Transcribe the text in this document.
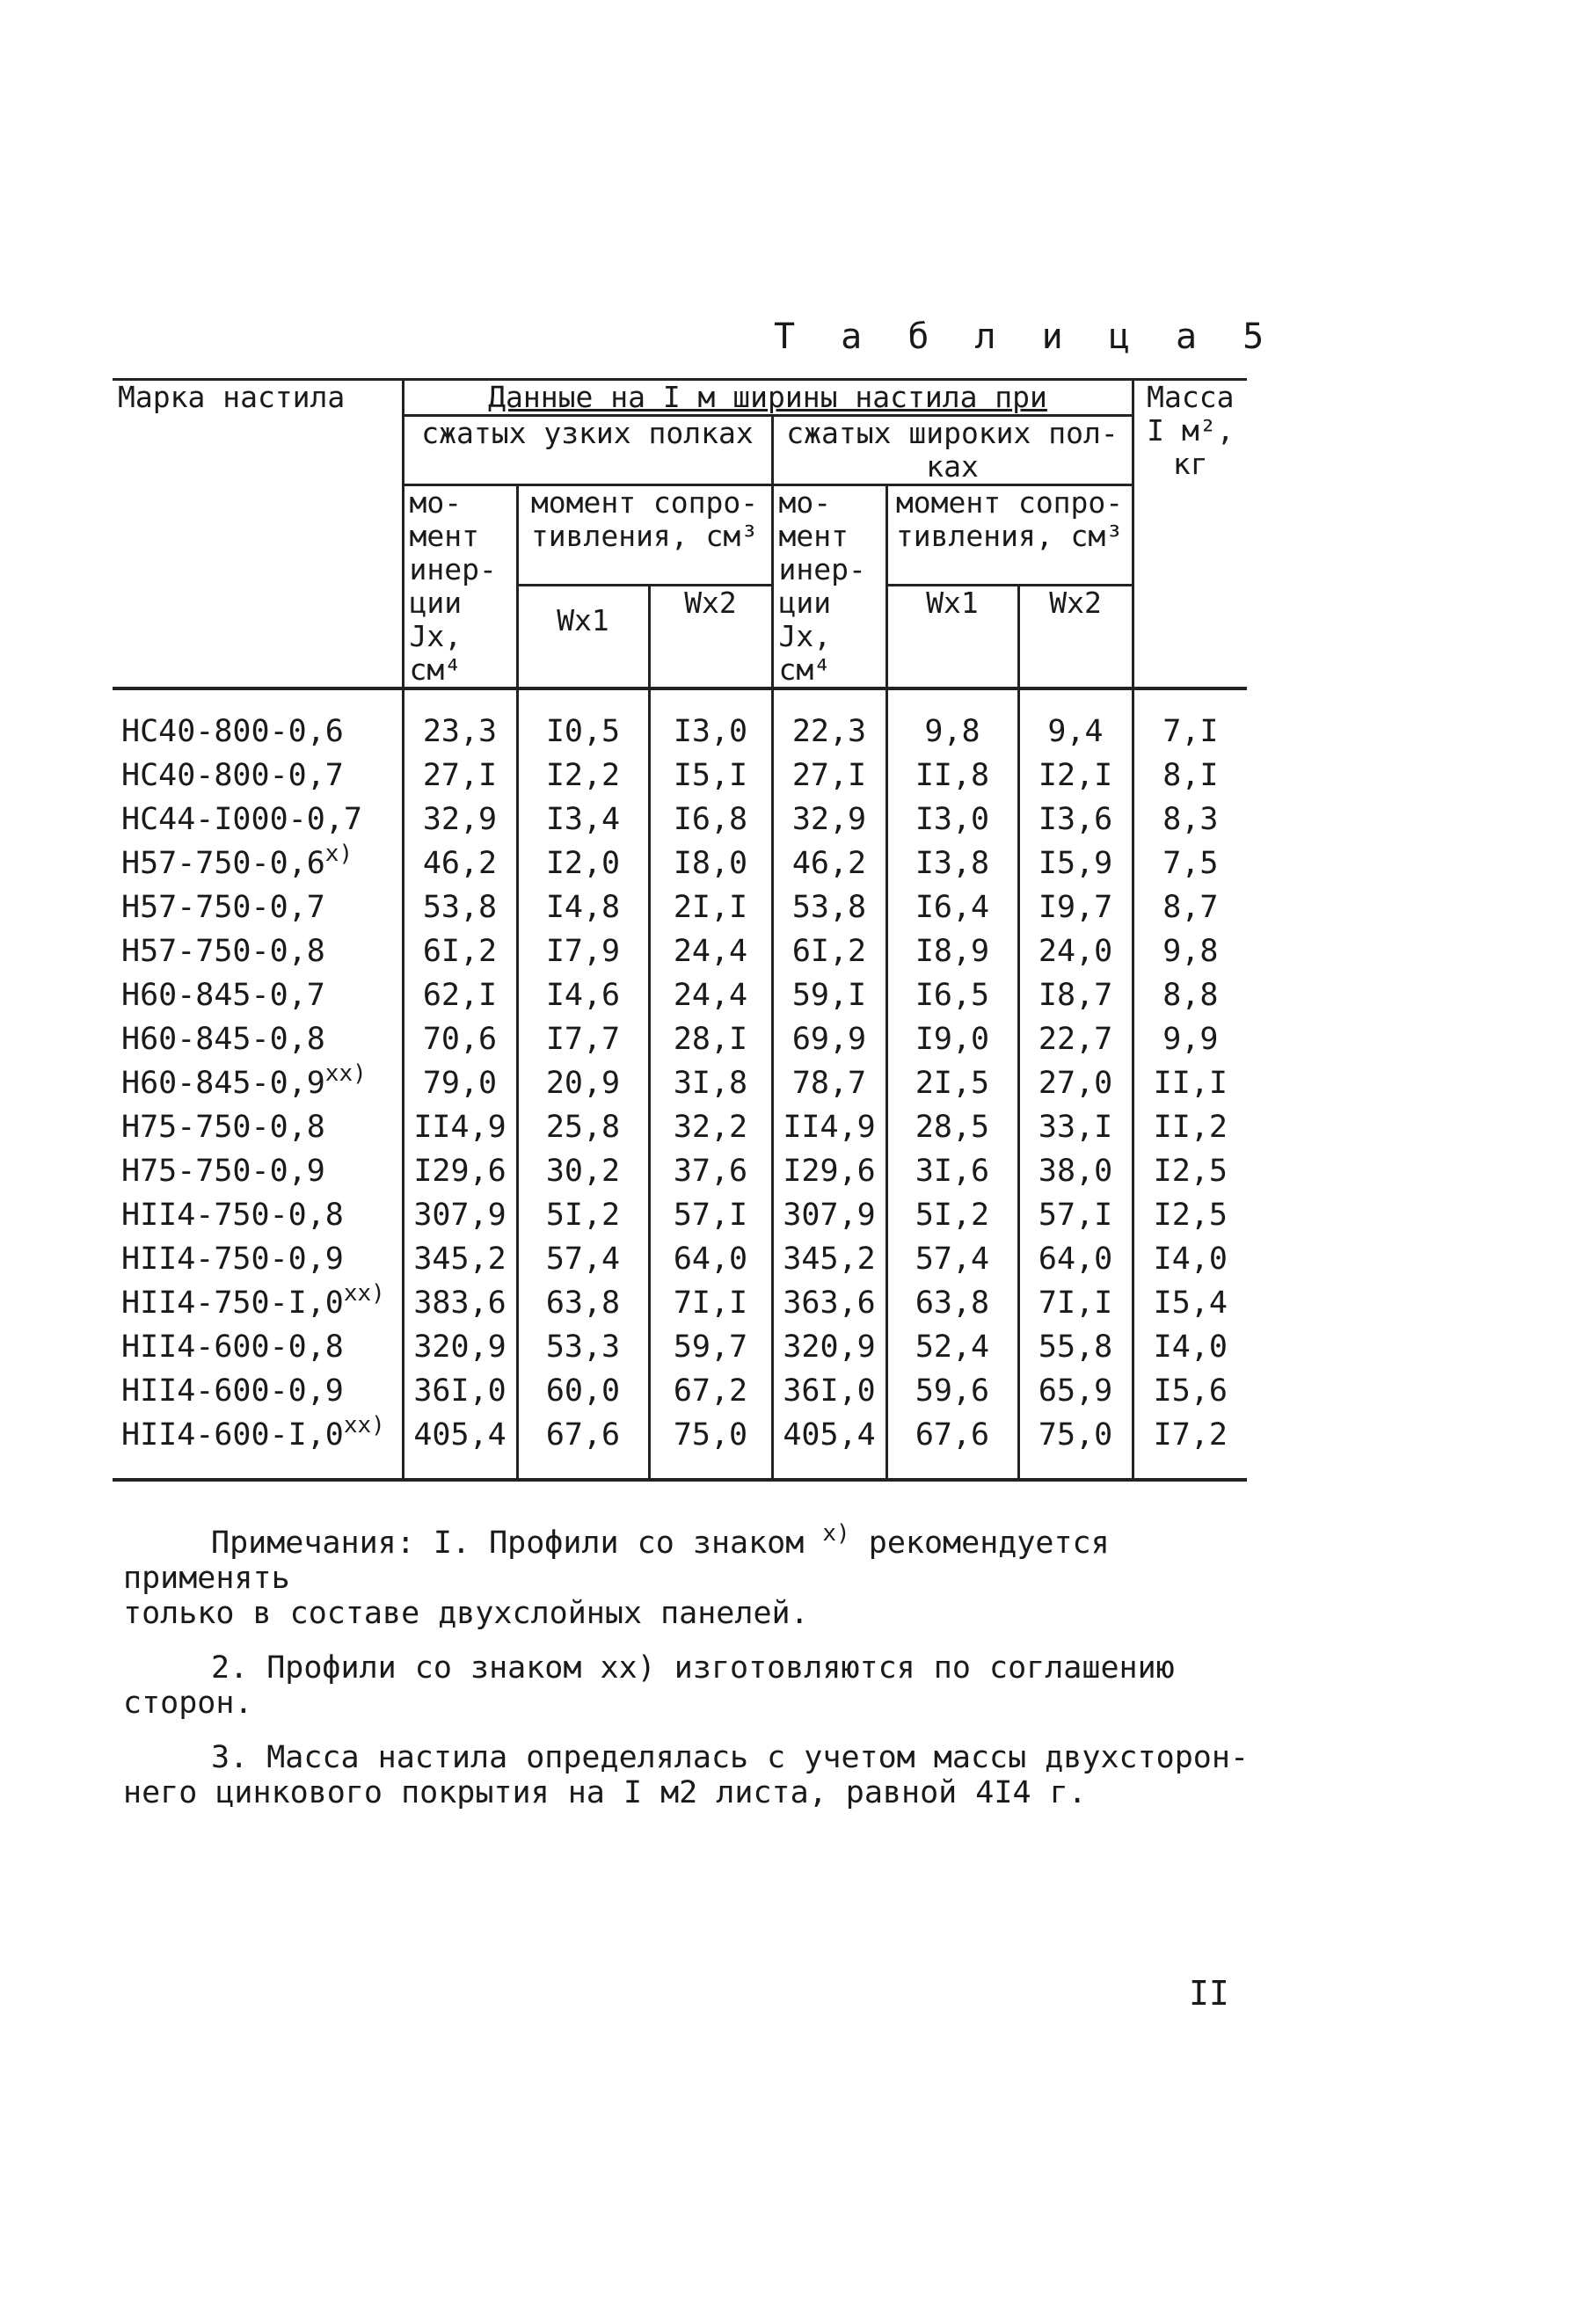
Т а б л и ц а 5
Марка настила	Данные на I м ширины настила при						Масса I м², кг
	сжатых узких полках			сжатых широких пол-ках			
	мо-мент инер-ции Jx, см⁴	момент сопро-тивления, см³		мо-мент инер-ции Jx, см⁴	момент сопро-тивления, см³		
		Wx1	Wx2		Wx1	Wx2	
НС40-800-0,6	23,3	I0,5	I3,0	22,3	9,8	9,4	7,I
НС40-800-0,7	27,I	I2,2	I5,I	27,I	II,8	I2,I	8,I
НС44-I000-0,7	32,9	I3,4	I6,8	32,9	I3,0	I3,6	8,3
Н57-750-0,6$^{x)}$	46,2	I2,0	I8,0	46,2	I3,8	I5,9	7,5
Н57-750-0,7	53,8	I4,8	2I,I	53,8	I6,4	I9,7	8,7
Н57-750-0,8	6I,2	I7,9	24,4	6I,2	I8,9	24,0	9,8
Н60-845-0,7	62,I	I4,6	24,4	59,I	I6,5	I8,7	8,8
Н60-845-0,8	70,6	I7,7	28,I	69,9	I9,0	22,7	9,9
Н60-845-0,9$^{xx)}$	79,0	20,9	3I,8	78,7	2I,5	27,0	II,I
Н75-750-0,8	II4,9	25,8	32,2	II4,9	28,5	33,I	II,2
Н75-750-0,9	I29,6	30,2	37,6	I29,6	3I,6	38,0	I2,5
НII4-750-0,8	307,9	5I,2	57,I	307,9	5I,2	57,I	I2,5
НII4-750-0,9	345,2	57,4	64,0	345,2	57,4	64,0	I4,0
НII4-750-I,0$^{xx)}$	383,6	63,8	7I,I	363,6	63,8	7I,I	I5,4
НII4-600-0,8	320,9	53,3	59,7	320,9	52,4	55,8	I4,0
НII4-600-0,9	36I,0	60,0	67,2	36I,0	59,6	65,9	I5,6
НII4-600-I,0$^{xx)}$	405,4	67,6	75,0	405,4	67,6	75,0	I7,2

Примечания: I. Профили со знаком $^{x)}$ рекомендуется применять
только в составе двухслойных панелей.

2. Профили со знаком хх) изготовляются по соглашению
сторон.

3. Масса настила определялась с учетом массы двухсторон-
него цинкового покрытия на I м2 листа, равной 4I4 г.

II
